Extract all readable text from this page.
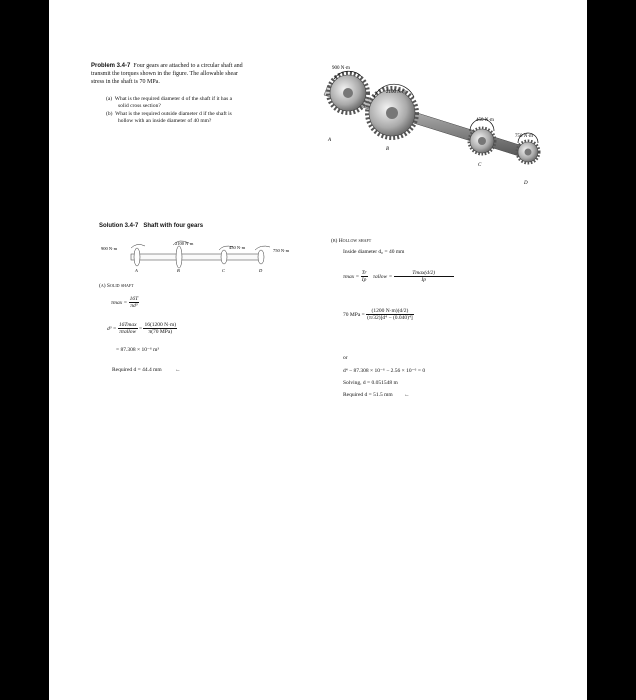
Problem 3.4-7 Four gears are attached to a circular shaft and
transmit the torques shown in the figure. The allowable shear
stress in the shaft is 70 MPa.
(a) What is the required diameter d of the shaft if it has a
solid cross section?
(b) What is the required outside diameter d if the shaft is
hollow with an inside diameter of 40 mm?
900 N·m
2100 N·m
450 N·m
750 N·m
A
B
C
D
Solution 3.4-7 Shaft with four gears
900 N·m
2100 N·m
450 N·m
750 N·m
A	B	C	D
(a) Solid shaft
$\tau\max = \frac{16T}{\text{πd³}}$
$d^3 = \frac{16Tmax}{\text{πτallow}} = \frac{16(1200 N\cdot m)}{\text{π(70 MPa)}}$
= 87.308 × 10⁻⁶ m³
Required d = 44.4 mm ←
(b) Hollow shaft
Inside diameter d₀ = 40 mm
$\tau\max = \frac{Tr}{Ip}$ τallow = $\frac{Tmax(d/2)}{Ip}$
70 MPa = $\frac{(1200 N\cdot m)(d/2)}{\text{(π/32)[d⁴ − (0.040)⁴]}}$
or
d⁴ − 87.308 × 10⁻⁶ − 2.56 × 10⁻⁶ = 0
Solving, d = 0.051548 m
Required d = 51.5 mm ←
